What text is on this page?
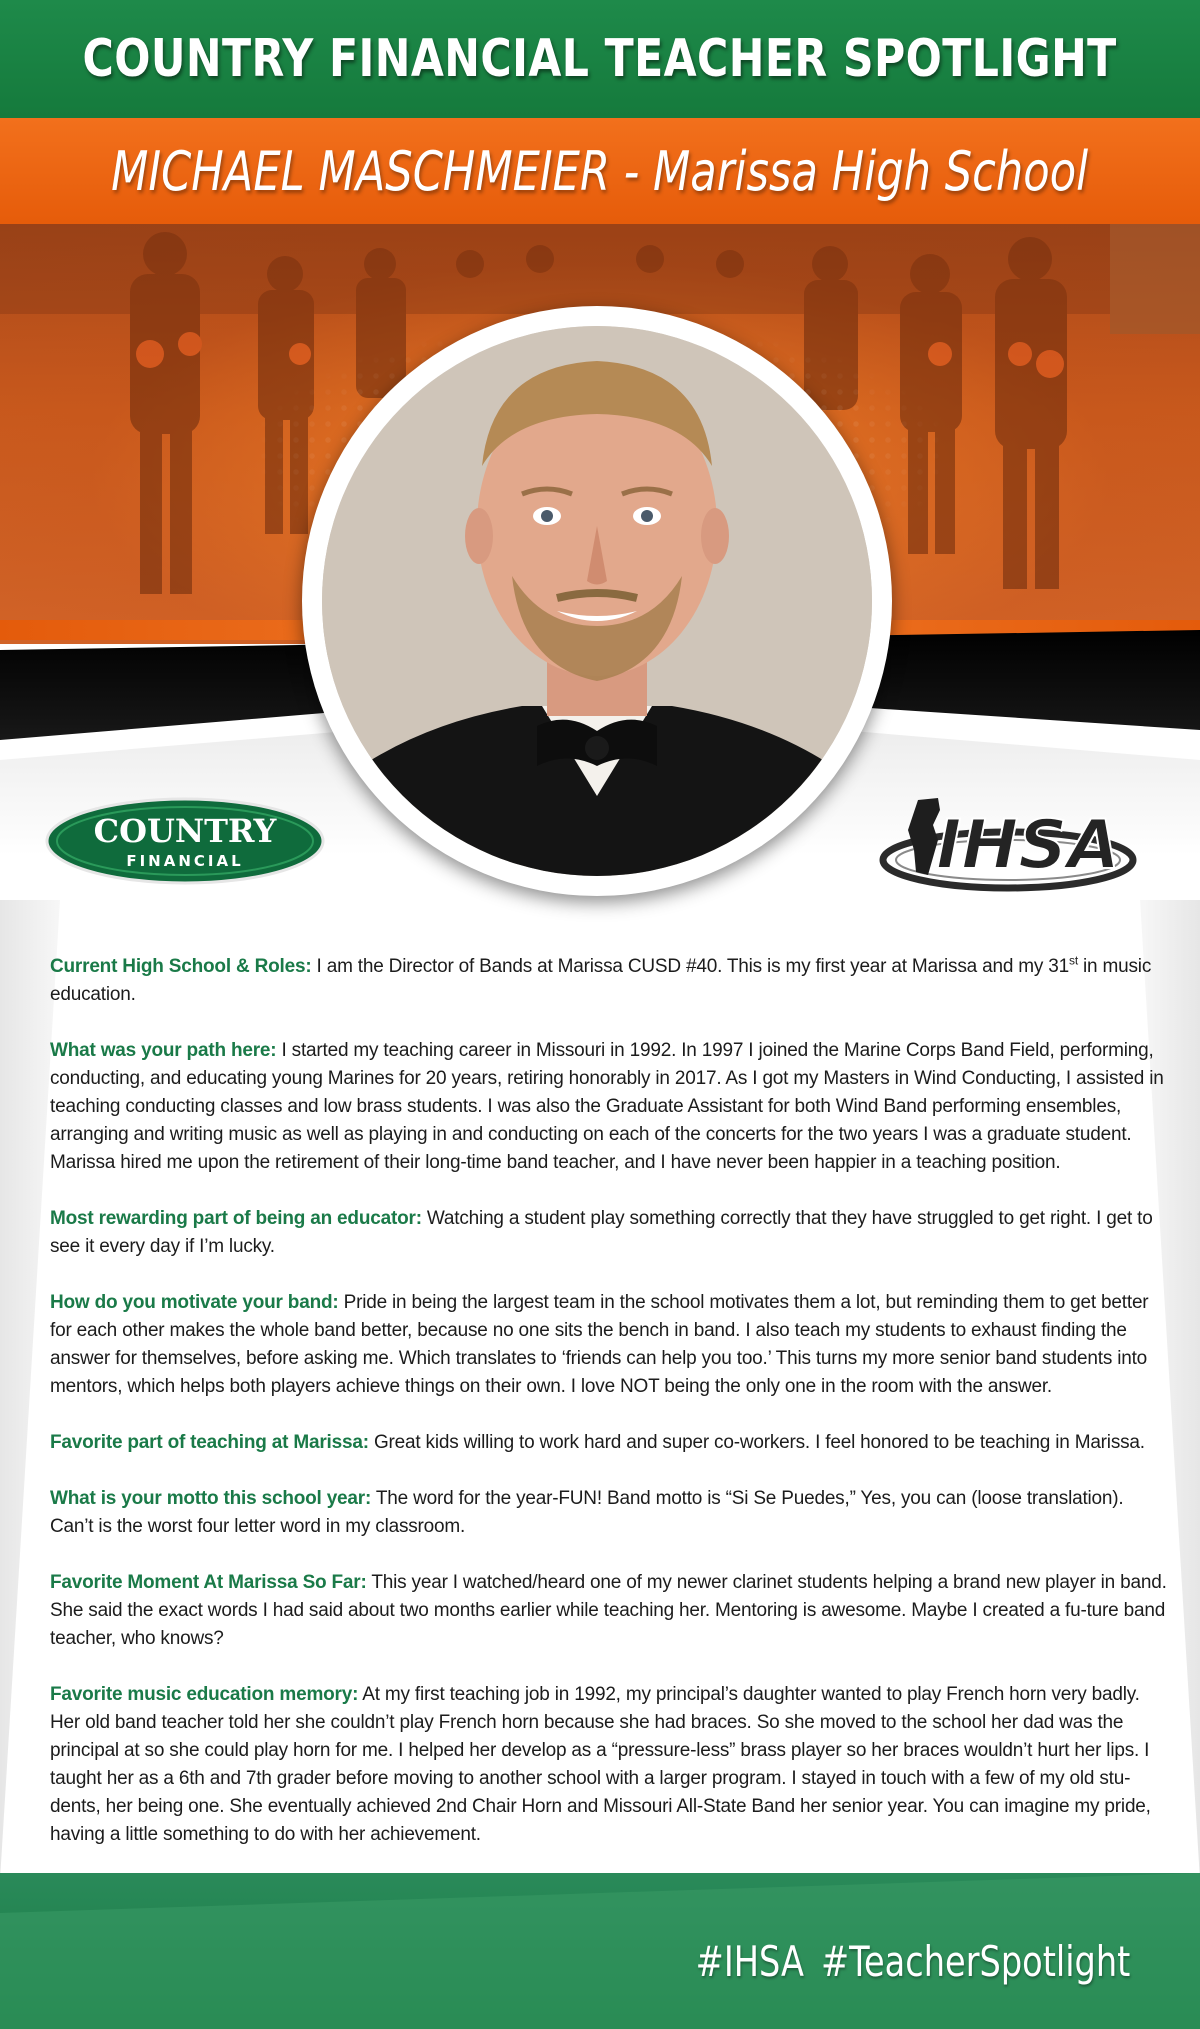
COUNTRY FINANCIAL TEACHER SPOTLIGHT
MICHAEL MASCHMEIER - Marissa High School
COUNTRY
FINANCIAL	IHSA

Current High School & Roles: I am the Director of Bands at Marissa CUSD #40. This is my first year at Marissa and my 31st in music education.

What was your path here: I started my teaching career in Missouri in 1992. In 1997 I joined the Marine Corps Band Field, performing, conducting, and educating young Marines for 20 years, retiring honorably in 2017. As I got my Masters in Wind Conducting, I assisted in teaching conducting classes and low brass students. I was also the Graduate Assistant for both Wind Band performing ensembles, arranging and writing music as well as playing in and conducting on each of the concerts for the two years I was a graduate student. Marissa hired me upon the retirement of their long-time band teacher, and I have never been happier in a teaching position.

Most rewarding part of being an educator: Watching a student play something correctly that they have struggled to get right. I get to see it every day if I’m lucky.

How do you motivate your band: Pride in being the largest team in the school motivates them a lot, but reminding them to get better for each other makes the whole band better, because no one sits the bench in band. I also teach my students to exhaust finding the answer for themselves, before asking me. Which translates to ‘friends can help you too.’ This turns my more senior band students into mentors, which helps both players achieve things on their own. I love NOT being the only one in the room with the answer.

Favorite part of teaching at Marissa: Great kids willing to work hard and super co-workers. I feel honored to be teaching in Marissa.

What is your motto this school year: The word for the year-FUN! Band motto is “Si Se Puedes,” Yes, you can (loose translation). Can’t is the worst four letter word in my classroom.

Favorite Moment At Marissa So Far: This year I watched/heard one of my newer clarinet students helping a brand new player in band. She said the exact words I had said about two months earlier while teaching her. Mentoring is awesome. Maybe I created a fu-ture band teacher, who knows?

Favorite music education memory: At my first teaching job in 1992, my principal’s daughter wanted to play French horn very badly. Her old band teacher told her she couldn’t play French horn because she had braces. So she moved to the school her dad was the principal at so she could play horn for me. I helped her develop as a “pressure-less” brass player so her braces wouldn’t hurt her lips. I taught her as a 6th and 7th grader before moving to another school with a larger program. I stayed in touch with a few of my old stu-dents, her being one. She eventually achieved 2nd Chair Horn and Missouri All-State Band her senior year. You can imagine my pride, having a little something to do with her achievement.

#IHSA #TeacherSpotlight
